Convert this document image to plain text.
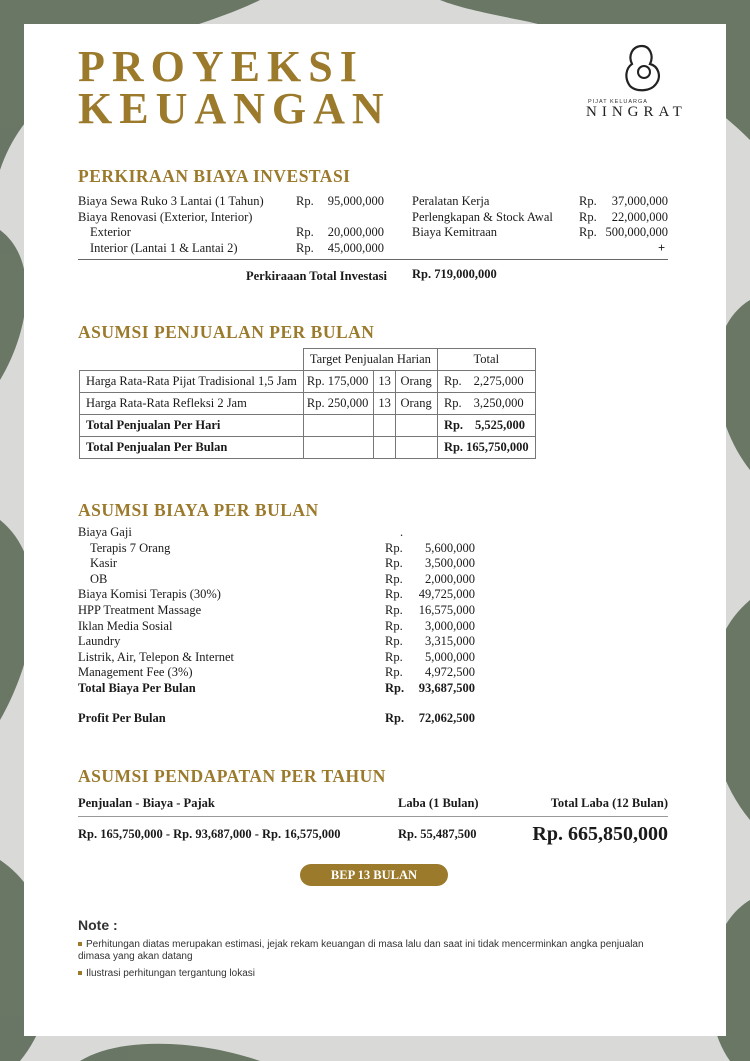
PROYEKSI
KEUANGAN	PIJAT KELUARGA
NINGRAT
PERKIRAAN BIAYA INVESTASI
Biaya Sewa Ruko 3 Lantai (1 Tahun)	Rp.	95,000,000
Biaya Renovasi (Exterior, Interior)
Exterior	Rp.	20,000,000
Interior (Lantai 1 & Lantai 2)	Rp.	45,000,000
Peralatan Kerja	Rp.	37,000,000
Perlengkapan & Stock Awal Rp.	22,000,000
Biaya Kemitraan	Rp. 500,000,000
+
Perkiraaan Total Investasi Rp. 719,000,000
ASUMSI PENJUALAN PER BULAN
	Target Penjualan Harian			Total
Harga Rata-Rata Pijat Tradisional 1,5 Jam	Rp. 175,000	13	Orang	Rp. 2,275,000
Harga Rata-Rata Refleksi 2 Jam	Rp. 250,000	13	Orang	Rp. 3,250,000
Total Penjualan Per Hari				Rp. 5,525,000
Total Penjualan Per Bulan				Rp. 165,750,000
ASUMSI BIAYA PER BULAN
.
Biaya Gaji
Terapis 7 Orang	Rp.	5,600,000
Kasir	Rp.	3,500,000
OB	Rp.	2,000,000
Biaya Komisi Terapis (30%)	Rp.	49,725,000
HPP Treatment Massage	Rp.	16,575,000
Iklan Media Sosial	Rp.	3,000,000
Laundry	Rp.	3,315,000
Listrik, Air, Telepon & Internet	Rp.	5,000,000
Management Fee (3%)	Rp.	4,972,500
Total Biaya Per Bulan	Rp.	93,687,500
Profit Per Bulan	Rp.	72,062,500
ASUMSI PENDAPATAN PER TAHUN
Penjualan - Biaya - Pajak	Laba (1 Bulan)	Total Laba (12 Bulan)
Rp. 165,750,000 - Rp. 93,687,000 - Rp. 16,575,000	Rp. 55,487,500	Rp. 665,850,000
BEP 13 BULAN
Note :
Perhitungan diatas merupakan estimasi, jejak rekam keuangan di masa lalu dan saat ini tidak mencerminkan angka penjualan dimasa yang akan datang
Ilustrasi perhitungan tergantung lokasi
